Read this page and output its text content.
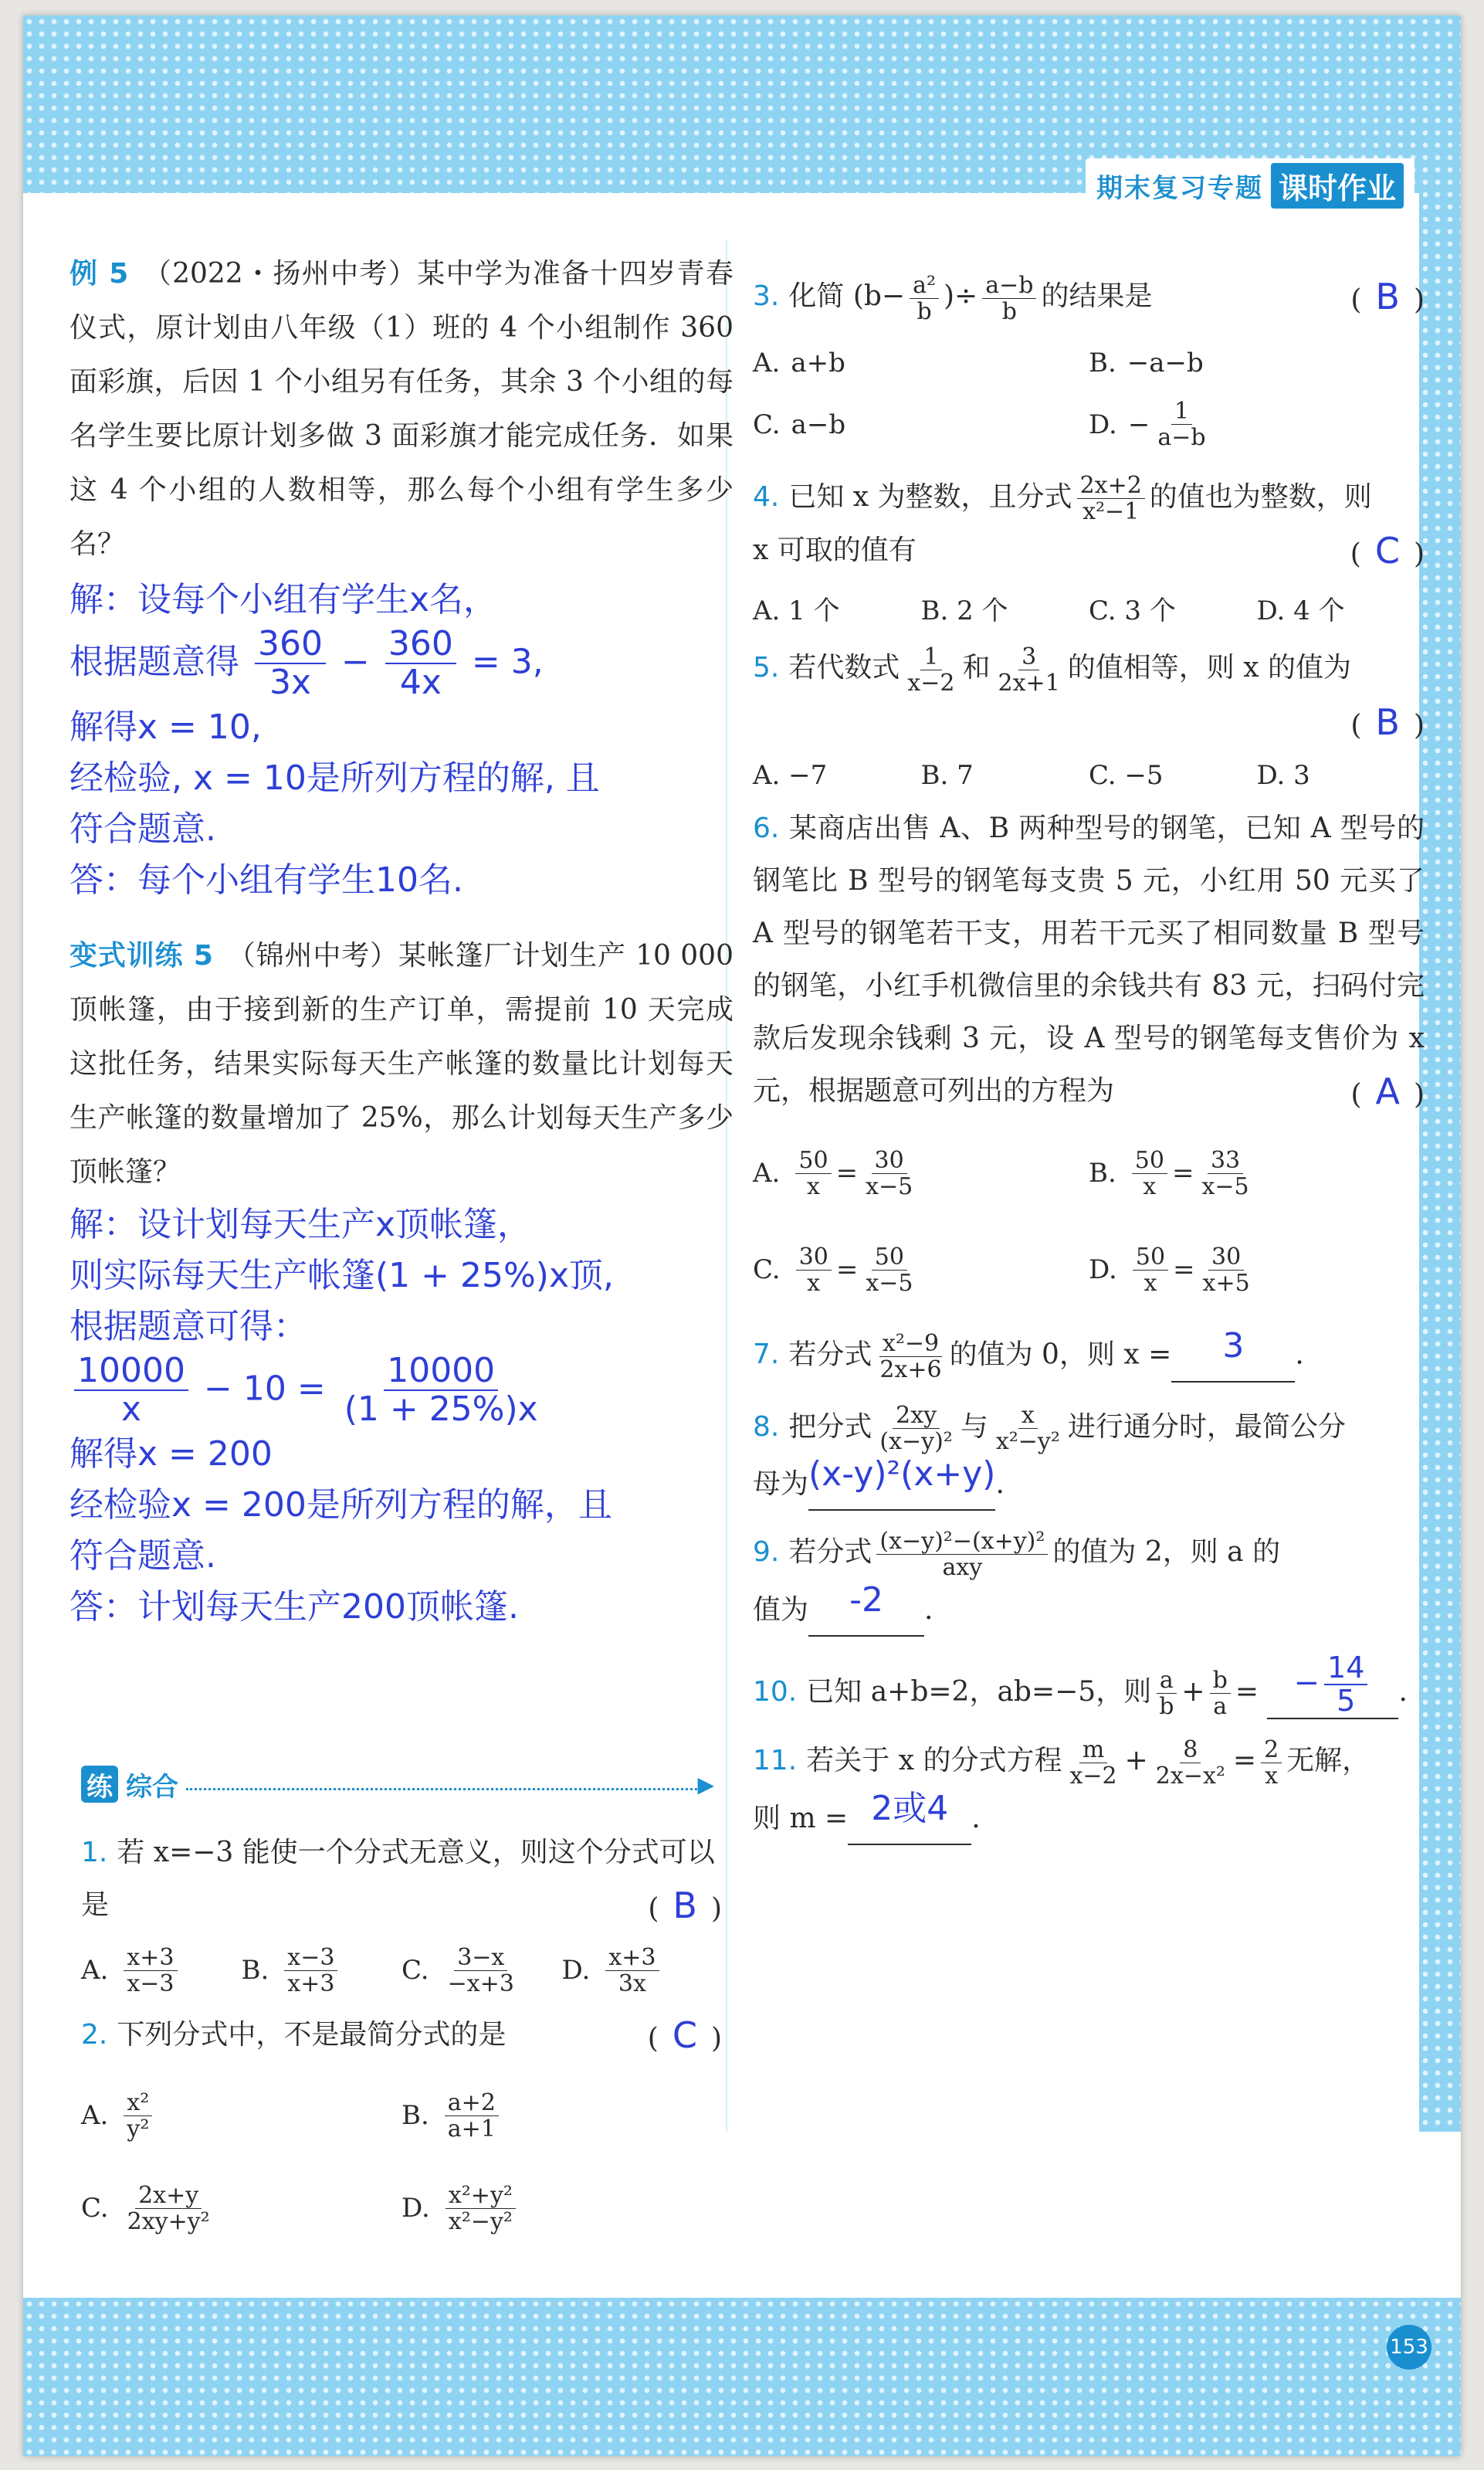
期末复习专题 课时作业
例 5 （2022・扬州中考）某中学为准备十四岁青春仪式，原计划由八年级（1）班的 4 个小组制作 360 面彩旗，后因 1 个小组另有任务，其余 3 个小组的每名学生要比原计划多做 3 面彩旗才能完成任务．如果这 4 个小组的人数相等，那么每个小组有学生多少名？
解：设每个小组有学生x名，
根据题意得 $\frac{360}{3x} - \frac{360}{4x} = 3$,
解得x = 10,
经检验, x = 10是所列方程的解, 且
符合题意.
答：每个小组有学生10名.
变式训练 5 （锦州中考）某帐篷厂计划生产 10 000 顶帐篷，由于接到新的生产订单，需提前 10 天完成这批任务，结果实际每天生产帐篷的数量比计划每天生产帐篷的数量增加了 25%，那么计划每天生产多少顶帐篷？
解：设计划每天生产x顶帐篷，
则实际每天生产帐篷(1 + 25%)x顶,
根据题意可得：
$\frac{10000}{x} - 10 = \frac{10000}{(1 + 25\%)x}$
解得x = 200
经检验x = 200是所列方程的解，且
符合题意.
答：计划每天生产200顶帐篷.
练 综合	▶
1. 若 x=−3 能使一个分式无意义，则这个分式可以是	( B )
A. $\frac{x+3}{x-3} B$. $\frac{x-3}{x+3} C$. $\frac{3-x}{-x+3} D$. $\frac{x+3}{3x}$
2. 下列分式中，不是最简分式的是	( C )
A. $\frac{\text{x²}}{\text{y²}}$	B. $\frac{a+2}{a+1}$
C. $\frac{2x+y}{\text{2xy+y²}}$	D. $\frac{\text{x²+y²}}{\text{x²−y²}}$
3. 化简 ($b- \frac{\text{a²}}{b}$ )÷ $\frac{a-b}{b}$ 的结果是	( B )
A. a+b	B. −a−b
C. a−b	D. − $\frac{1}{a-b}$
4. 已知 x 为整数，且分式 $\frac{2x+2}{\text{x²−1}}$ 的值也为整数，则
x 可取的值有	( C )
A. 1 个	B. 2 个	C. 3 个	D. 4 个
5. 若代数式 $\frac{1}{x-2}$ 和 $\frac{3}{2x+1}$ 的值相等，则 x 的值为
( B )
A. −7	B. 7	C. −5	D. 3
6. 某商店出售 A、B 两种型号的钢笔，已知 A 型号的钢笔比 B 型号的钢笔每支贵 5 元，小红用 50 元买了 A 型号的钢笔若干支，用若干元买了相同数量 B 型号的钢笔，小红手机微信里的余钱共有 83 元，扫码付完款后发现余钱剩 3 元，设 A 型号的钢笔每支售价为 x 元，根据题意可列出的方程为	( A )
A. $\frac{50}{x} = \frac{30}{x-5}$	B. $\frac{50}{x} = \frac{33}{x-5}$
C. $\frac{30}{x} = \frac{50}{x-5}$	D. $\frac{50}{x} = \frac{30}{x+5}$
7. 若分式 $\frac{\text{x²−9}}{2x+6}$ 的值为 0，则 x = 3 .
8. 把分式 $\frac{2xy}{\text{(x−y)²}}$ 与 $\frac{x}{\text{x²−y²}}$ 进行通分时，最简公分
母为(x-y)²(x+y).
9. 若分式 $\frac{\text{(x−y)²−(x+y)²}}{\text{axy}}$ 的值为 2，则 a 的
值为 -2 .
10. 已知 a+b=2，ab=−5，则 $\frac{a}{b} + \frac{b}{a}$ = − $\frac{14}{5}$ .
11. 若关于 x 的分式方程 $\frac{m}{x-2} + \frac{8}{\text{2x−x²}} = \frac{2}{x}$ 无解，
则 m = 2或4 .
153
